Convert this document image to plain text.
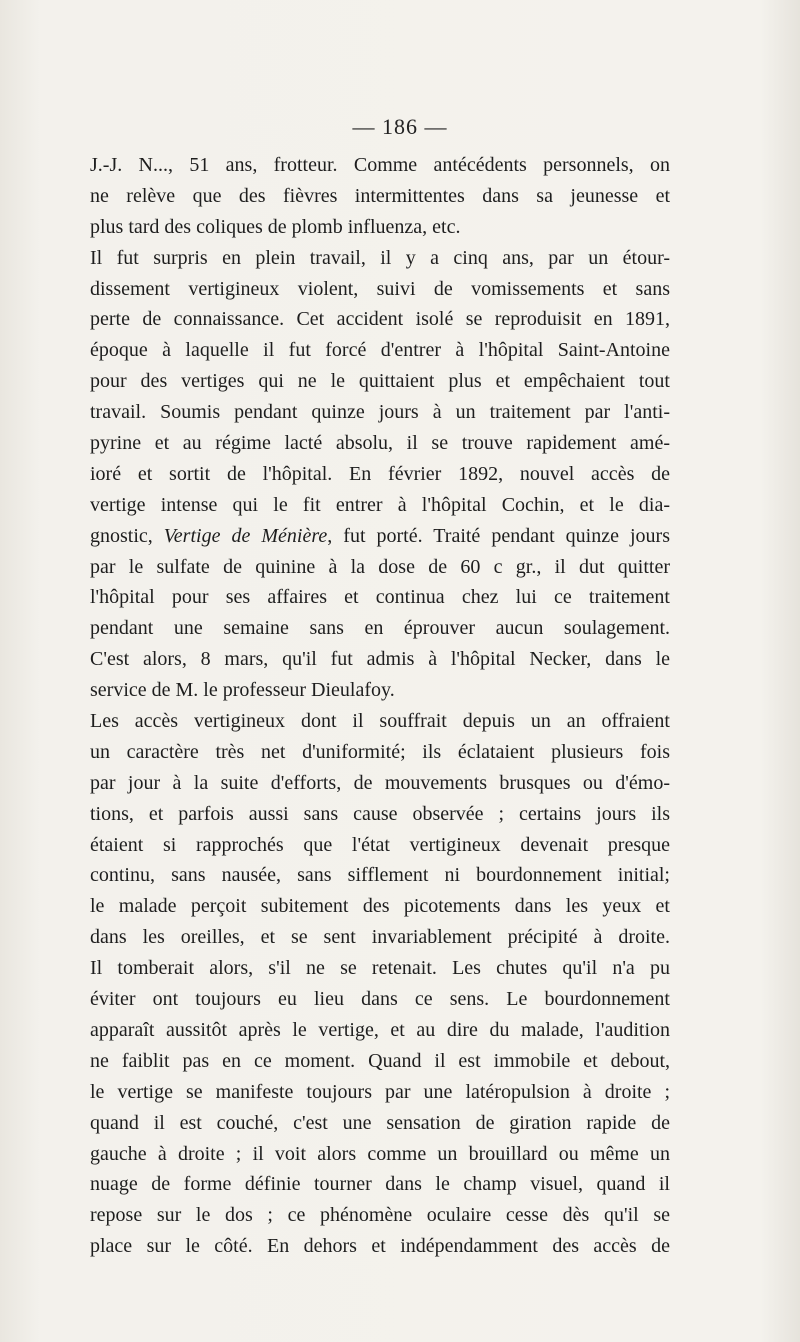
— 186 —
J.-J. N..., 51 ans, frotteur. Comme antécédents personnels, on
ne relève que des fièvres intermittentes dans sa jeunesse et
plus tard des coliques de plomb influenza, etc.
Il fut surpris en plein travail, il y a cinq ans, par un étour-
dissement vertigineux violent, suivi de vomissements et sans
perte de connaissance. Cet accident isolé se reproduisit en 1891,
époque à laquelle il fut forcé d'entrer à l'hôpital Saint-Antoine
pour des vertiges qui ne le quittaient plus et empêchaient tout
travail. Soumis pendant quinze jours à un traitement par l'anti-
pyrine et au régime lacté absolu, il se trouve rapidement amé-
ioré et sortit de l'hôpital. En février 1892, nouvel accès de
vertige intense qui le fit entrer à l'hôpital Cochin, et le dia-
gnostic, Vertige de Ménière, fut porté. Traité pendant quinze jours
par le sulfate de quinine à la dose de 60 c gr., il dut quitter
l'hôpital pour ses affaires et continua chez lui ce traitement
pendant une semaine sans en éprouver aucun soulagement.
C'est alors, 8 mars, qu'il fut admis à l'hôpital Necker, dans le
service de M. le professeur Dieulafoy.
Les accès vertigineux dont il souffrait depuis un an offraient
un caractère très net d'uniformité; ils éclataient plusieurs fois
par jour à la suite d'efforts, de mouvements brusques ou d'émo-
tions, et parfois aussi sans cause observée ; certains jours ils
étaient si rapprochés que l'état vertigineux devenait presque
continu, sans nausée, sans sifflement ni bourdonnement initial;
le malade perçoit subitement des picotements dans les yeux et
dans les oreilles, et se sent invariablement précipité à droite.
Il tomberait alors, s'il ne se retenait. Les chutes qu'il n'a pu
éviter ont toujours eu lieu dans ce sens. Le bourdonnement
apparaît aussitôt après le vertige, et au dire du malade, l'audition
ne faiblit pas en ce moment. Quand il est immobile et debout,
le vertige se manifeste toujours par une latéropulsion à droite ;
quand il est couché, c'est une sensation de giration rapide de
gauche à droite ; il voit alors comme un brouillard ou même un
nuage de forme définie tourner dans le champ visuel, quand il
repose sur le dos ; ce phénomène oculaire cesse dès qu'il se
place sur le côté. En dehors et indépendamment des accès de
